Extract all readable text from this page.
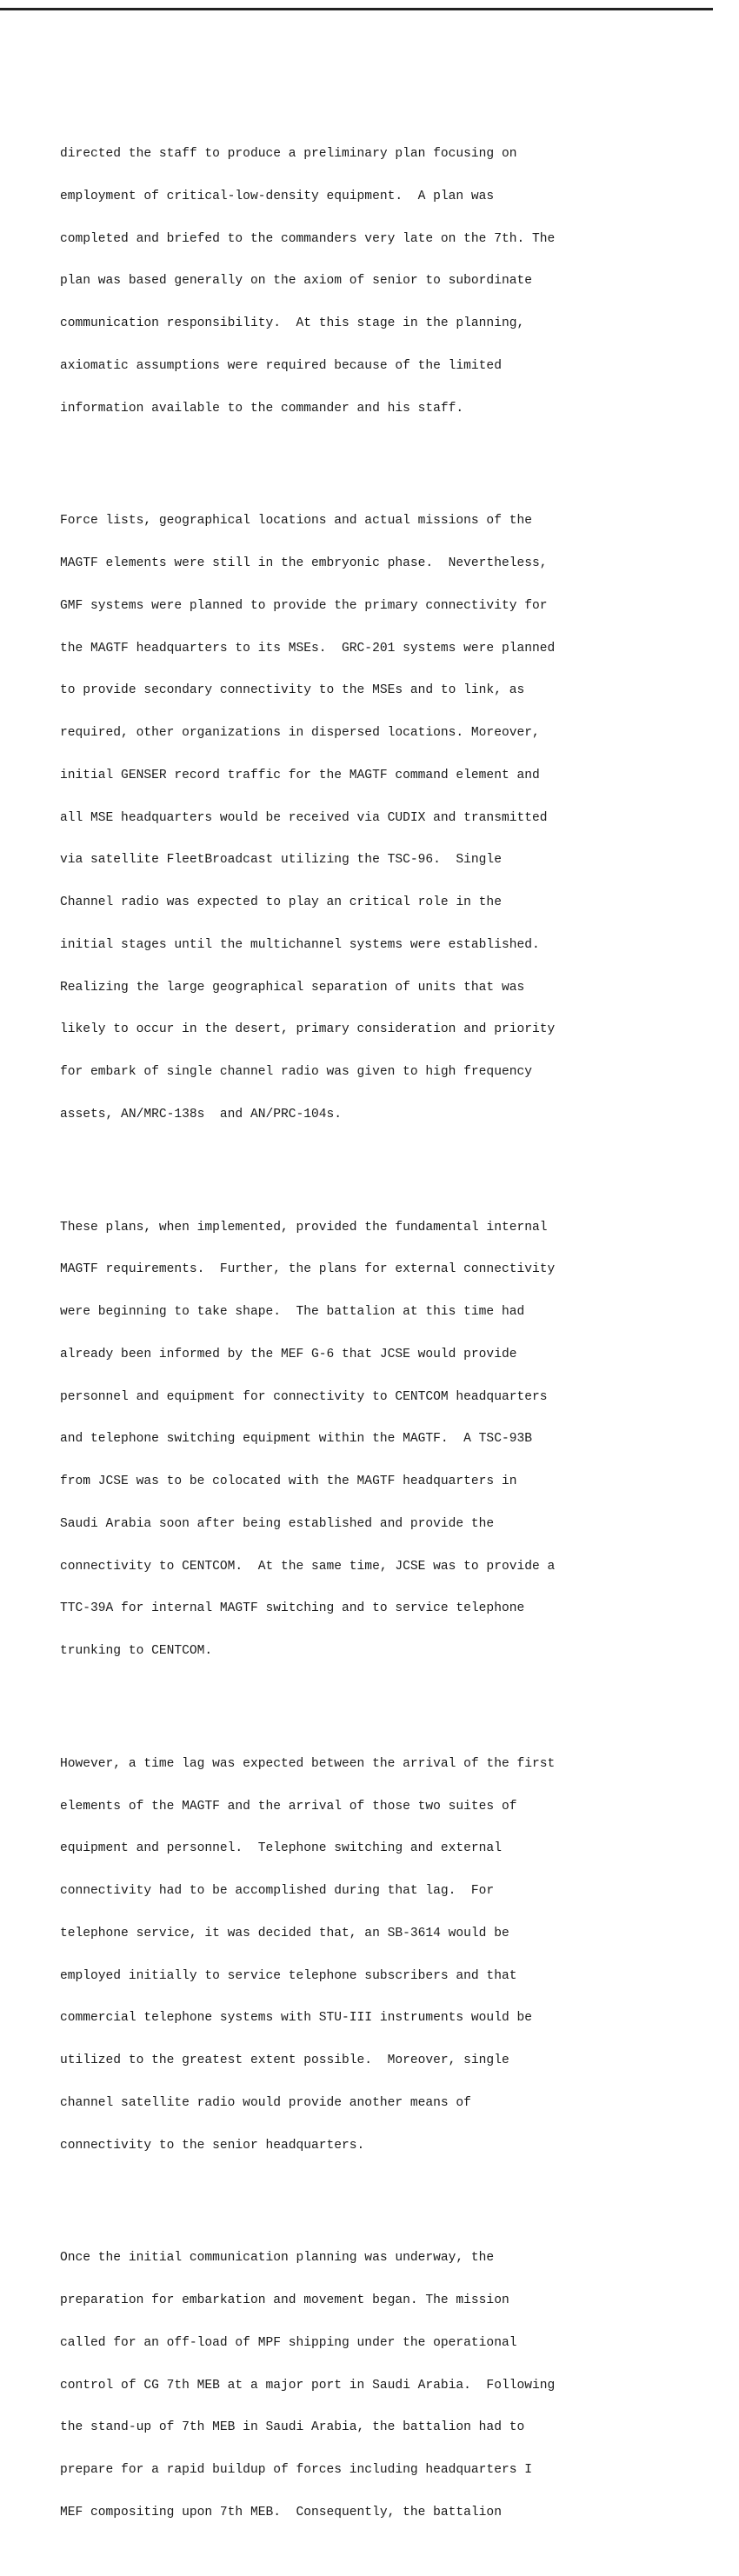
directed the staff to produce a preliminary plan focusing on

employment of critical-low-density equipment.  A plan was

completed and briefed to the commanders very late on the 7th. The

plan was based generally on the axiom of senior to subordinate

communication responsibility.  At this stage in the planning,

axiomatic assumptions were required because of the limited

information available to the commander and his staff.

Force lists, geographical locations and actual missions of the

MAGTF elements were still in the embryonic phase.  Nevertheless,

GMF systems were planned to provide the primary connectivity for

the MAGTF headquarters to its MSEs.  GRC-201 systems were planned

to provide secondary connectivity to the MSEs and to link, as

required, other organizations in dispersed locations. Moreover,

initial GENSER record traffic for the MAGTF command element and

all MSE headquarters would be received via CUDIX and transmitted

via satellite FleetBroadcast utilizing the TSC-96.  Single

Channel radio was expected to play an critical role in the

initial stages until the multichannel systems were established.

Realizing the large geographical separation of units that was

likely to occur in the desert, primary consideration and priority

for embark of single channel radio was given to high frequency

assets, AN/MRC-138s  and AN/PRC-104s.

These plans, when implemented, provided the fundamental internal

MAGTF requirements.  Further, the plans for external connectivity

were beginning to take shape.  The battalion at this time had

already been informed by the MEF G-6 that JCSE would provide

personnel and equipment for connectivity to CENTCOM headquarters

and telephone switching equipment within the MAGTF.  A TSC-93B

from JCSE was to be colocated with the MAGTF headquarters in

Saudi Arabia soon after being established and provide the

connectivity to CENTCOM.  At the same time, JCSE was to provide a

TTC-39A for internal MAGTF switching and to service telephone

trunking to CENTCOM.

However, a time lag was expected between the arrival of the first

elements of the MAGTF and the arrival of those two suites of

equipment and personnel.  Telephone switching and external

connectivity had to be accomplished during that lag.  For

telephone service, it was decided that, an SB-3614 would be

employed initially to service telephone subscribers and that

commercial telephone systems with STU-III instruments would be

utilized to the greatest extent possible.  Moreover, single

channel satellite radio would provide another means of

connectivity to the senior headquarters.

Once the initial communication planning was underway, the

preparation for embarkation and movement began. The mission

called for an off-load of MPF shipping under the operational

control of CG 7th MEB at a major port in Saudi Arabia.  Following

the stand-up of 7th MEB in Saudi Arabia, the battalion had to

prepare for a rapid buildup of forces including headquarters I

MEF compositing upon 7th MEB.  Consequently, the battalion
